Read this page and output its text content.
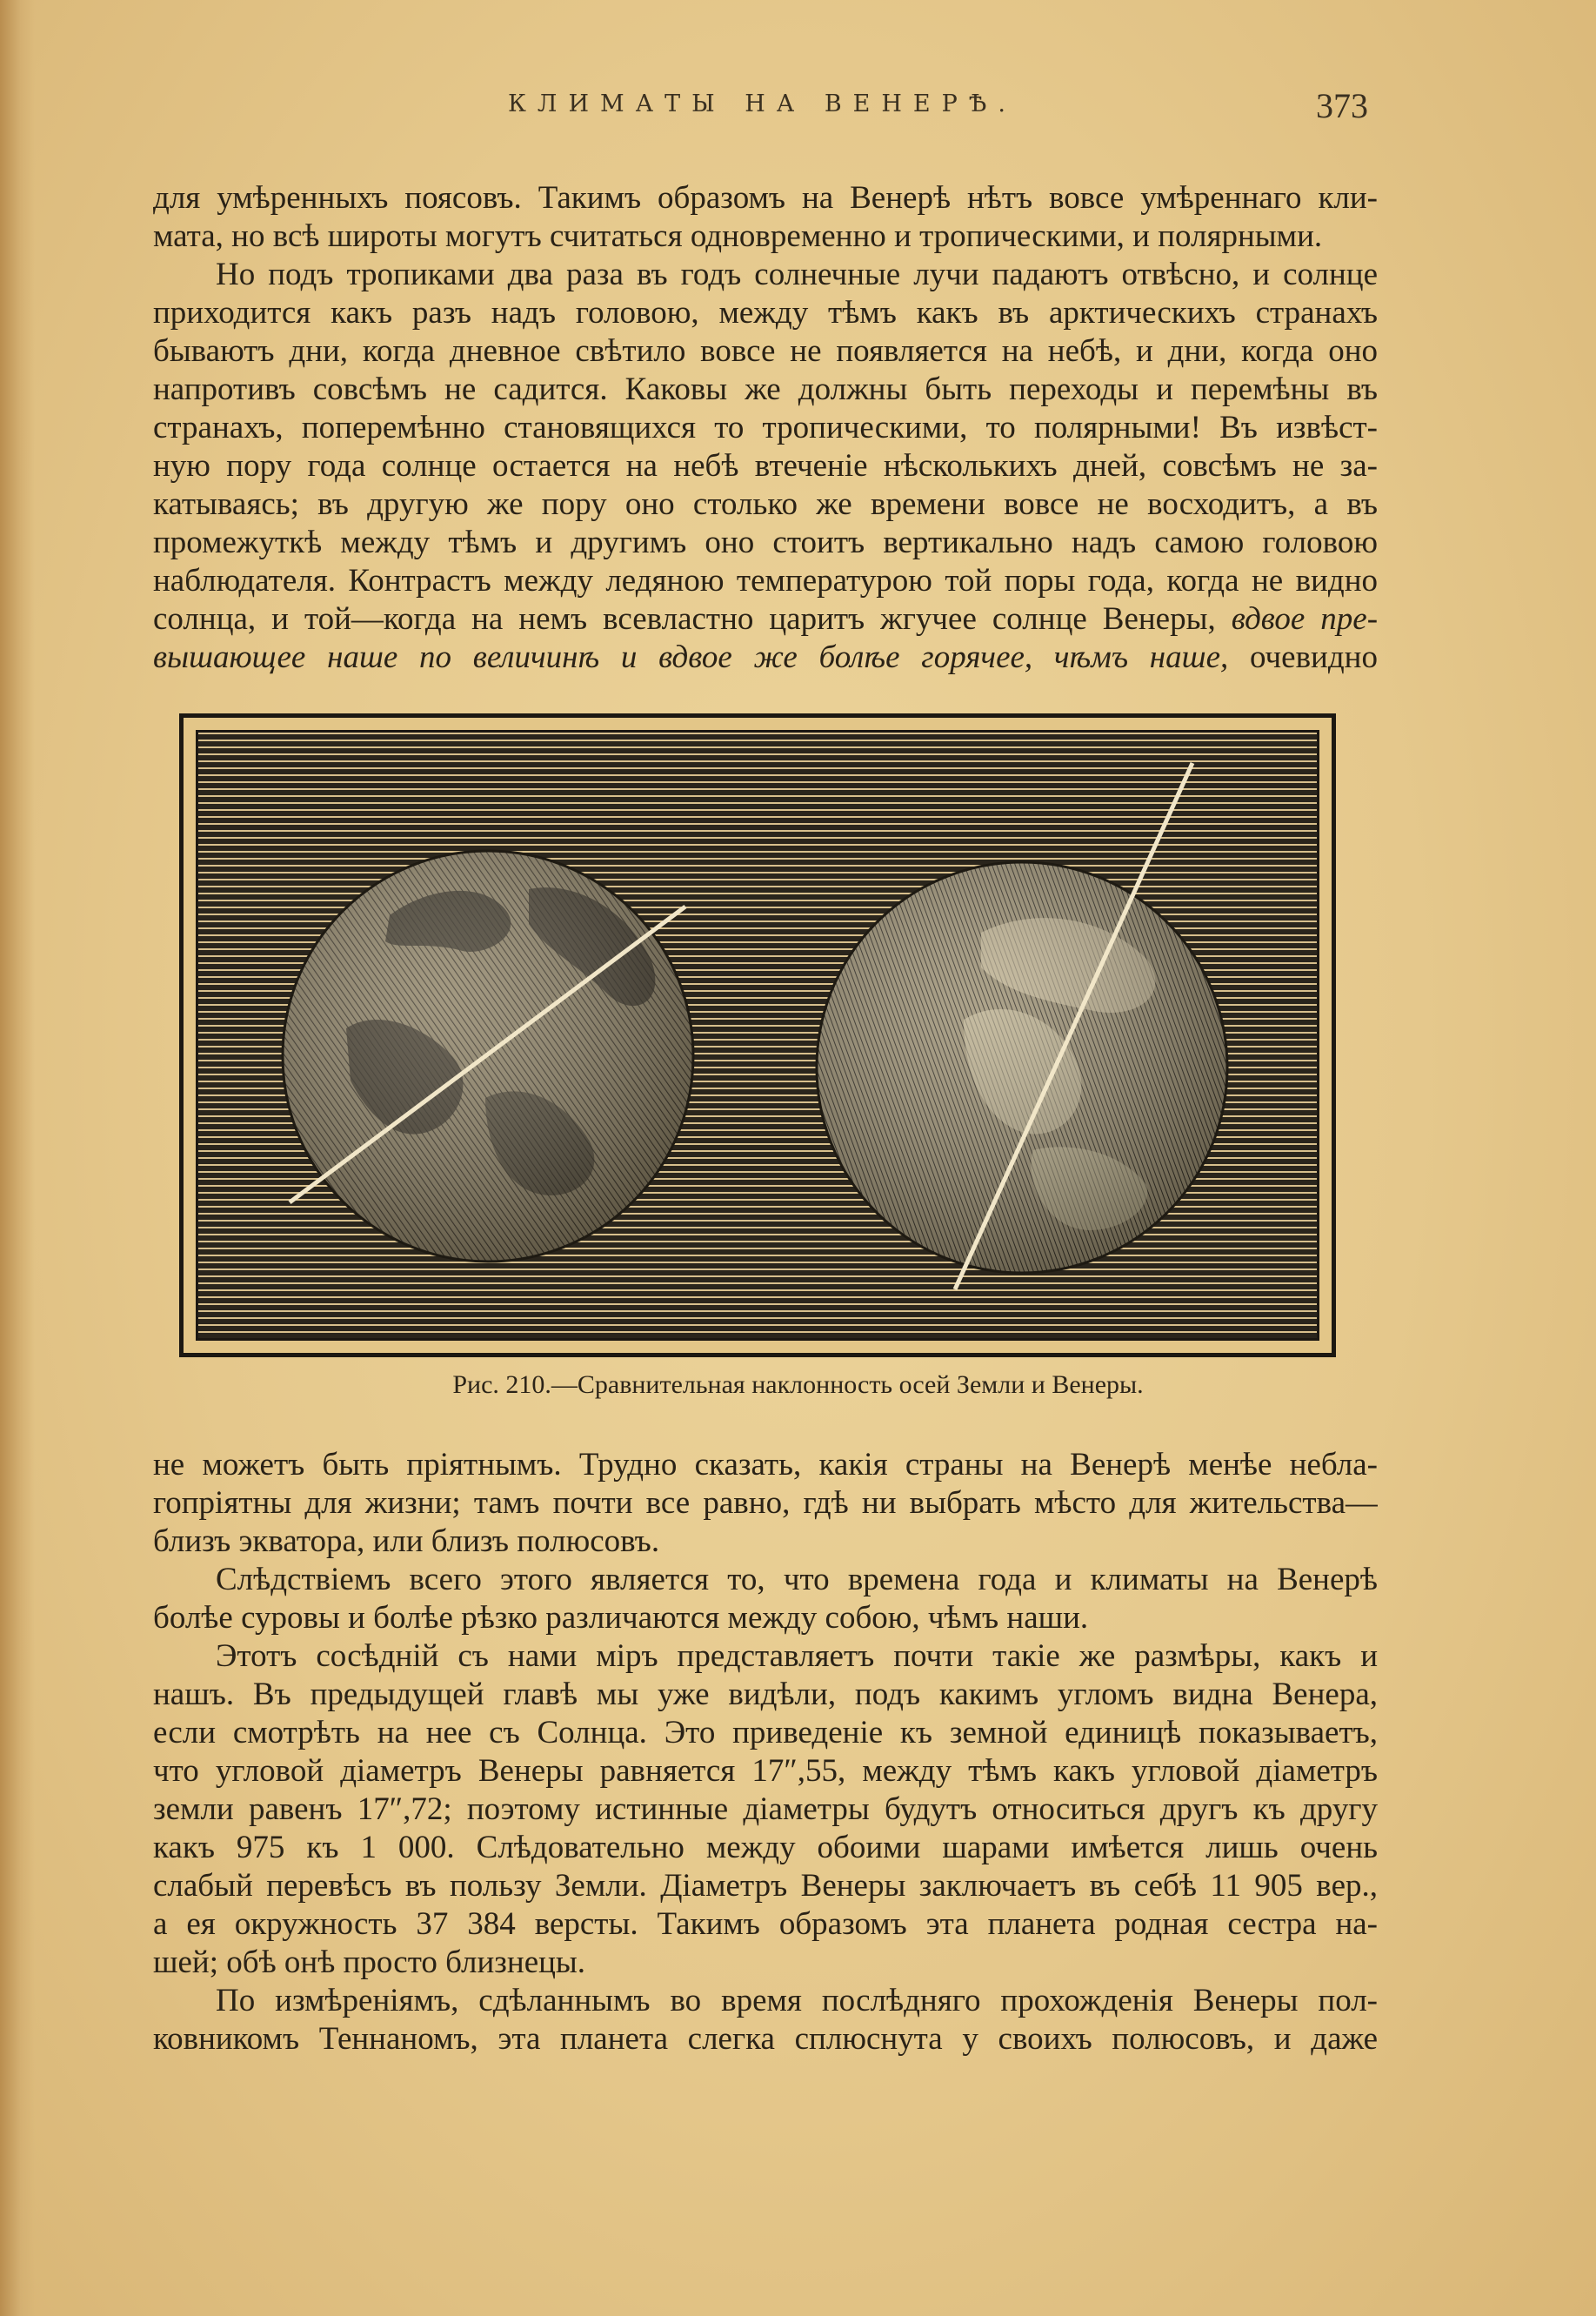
КЛИМАТЫ НА ВЕНЕРѢ.	373
для умѣренныхъ поясовъ. Такимъ образомъ на Венерѣ нѣтъ вовсе умѣреннаго кли-
мата, но всѣ широты могутъ считаться одновременно и тропическими, и полярными.
Но подъ тропиками два раза въ годъ солнечные лучи падаютъ отвѣсно, и солнце
приходится какъ разъ надъ головою, между тѣмъ какъ въ арктическихъ странахъ
бываютъ дни, когда дневное свѣтило вовсе не появляется на небѣ, и дни, когда оно
напротивъ совсѣмъ не садится. Каковы же должны быть переходы и перемѣны въ
странахъ, поперемѣнно становящихся то тропическими, то полярными! Въ извѣст-
ную пору года солнце остается на небѣ втеченіе нѣсколькихъ дней, совсѣмъ не за-
катываясь; въ другую же пору оно столько же времени вовсе не восходитъ, а въ
промежуткѣ между тѣмъ и другимъ оно стоитъ вертикально надъ самою головою
наблюдателя. Контрастъ между ледяною температурою той поры года, когда не видно
солнца, и той—когда на немъ всевластно царитъ жгучее солнце Венеры, вдвое пре-
вышающее наше по величинѣ и вдвое же болѣе горячее, чѣмъ наше, очевидно
Рис. 210.—Сравнительная наклонность осей Земли и Венеры.
не можетъ быть пріятнымъ. Трудно сказать, какія страны на Венерѣ менѣе небла-
гопріятны для жизни; тамъ почти все равно, гдѣ ни выбрать мѣсто для жительства—
близъ экватора, или близъ полюсовъ.
Слѣдствіемъ всего этого является то, что времена года и климаты на Венерѣ
болѣе суровы и болѣе рѣзко различаются между собою, чѣмъ наши.
Этотъ сосѣдній съ нами міръ представляетъ почти такіе же размѣры, какъ и
нашъ. Въ предыдущей главѣ мы уже видѣли, подъ какимъ угломъ видна Венера,
если смотрѣть на нее съ Солнца. Это приведеніе къ земной единицѣ показываетъ,
что угловой діаметръ Венеры равняется 17″,55, между тѣмъ какъ угловой діаметръ
земли равенъ 17″,72; поэтому истинные діаметры будутъ относиться другъ къ другу
какъ 975 къ 1 000. Слѣдовательно между обоими шарами имѣется лишь очень
слабый перевѣсъ въ пользу Земли. Діаметръ Венеры заключаетъ въ себѣ 11 905 вер.,
а ея окружность 37 384 версты. Такимъ образомъ эта планета родная сестра на-
шей; обѣ онѣ просто близнецы.
По измѣреніямъ, сдѣланнымъ во время послѣдняго прохожденія Венеры пол-
ковникомъ Теннаномъ, эта планета слегка сплюснута у своихъ полюсовъ, и даже
